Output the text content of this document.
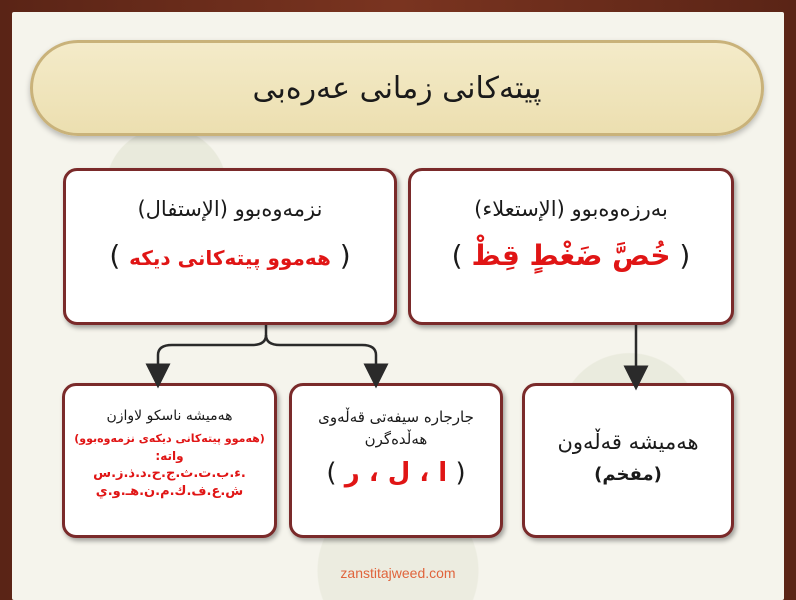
پیتەکانی زمانی عەرەبی
بەرزەوەبوو (الإستعلاء)
( خُصَّ ضَغْطٍ قِظْ )
نزمەوەبوو (الإستفال)
( هەموو پیتەکانی دیکە )
هەمیشە قەڵەون
(مفخم)
جارجارە سیفەتی قەڵەوی
هەڵدەگرن
( ا ، ل ، ر )
هەمیشە ناسکو لاوازن
(هەموو پیتەکانی دیکەی نزمەوەبوو)
واتە:
ء.ب.ت.ث.ج.ح.د.ذ.ز.س.
ش.ع.ف.ك.م.ن.هـ.و.ي
zanstitajweed.com
